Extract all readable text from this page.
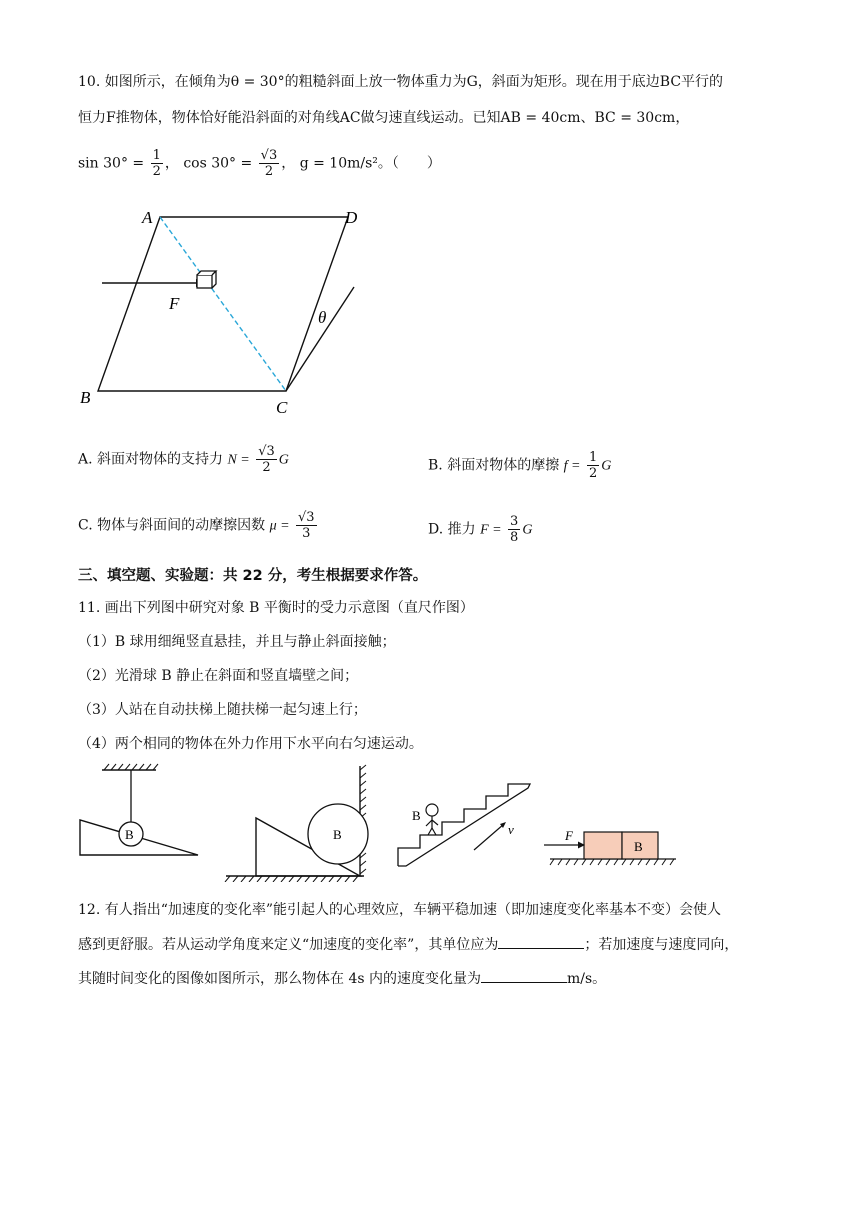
10. 如图所示，在倾角为θ = 30°的粗糙斜面上放一物体重力为G，斜面为矩形。现在用于底边BC平行的
恒力F推物体，物体恰好能沿斜面的对角线AC做匀速直线运动。已知AB = 40cm、BC = 30cm，
$\sin 30^\circ = \frac{1}{2}$ ， $\cos 30^\circ = \frac{√3}{2}$ ， g = 10m/s²。（　　）
A	D
B
C
F
θ
A. 斜面对物体的支持力 $N = \frac{√3}{2}$ G	B. 斜面对物体的摩擦 $f = \frac{1}{2}$ G
C. 物体与斜面间的动摩擦因数 $\mu = \frac{√3}{3}$	D. 推力 $F = \frac{3}{8}$ G
三、填空题、实验题：共 22 分，考生根据要求作答。
11. 画出下列图中研究对象 B 平衡时的受力示意图（直尺作图）
（1）B 球用细绳竖直悬挂，并且与静止斜面接触；
（2）光滑球 B 静止在斜面和竖直墙壁之间；
（3）人站在自动扶梯上随扶梯一起匀速上行；
（4）两个相同的物体在外力作用下水平向右匀速运动。
B	B
B
v
B
F
12. 有人指出“加速度的变化率”能引起人的心理效应，车辆平稳加速（即加速度变化率基本不变）会使人
感到更舒服。若从运动学角度来定义“加速度的变化率”，其单位应为	；若加速度与速度同向，
其随时间变化的图像如图所示，那么物体在 4s 内的速度变化量为	m/s。
